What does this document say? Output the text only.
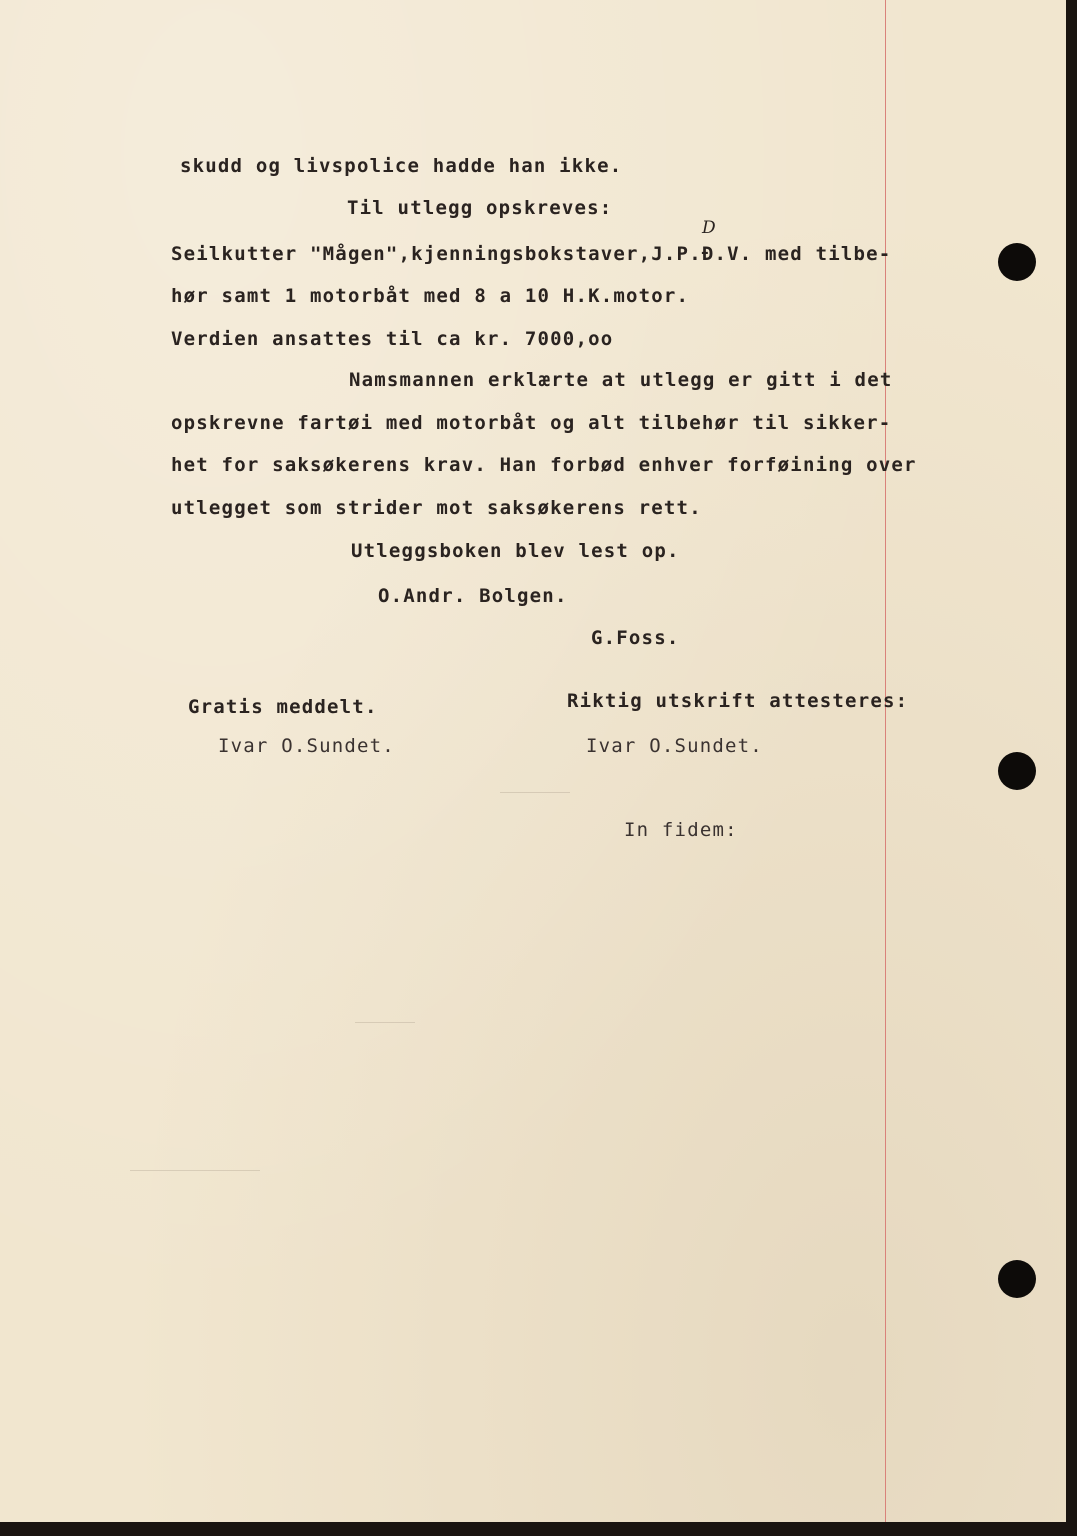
skudd og livspolice hadde han ikke.
Til utlegg opskreves:
D
Seilkutter "Mågen",kjenningsbokstaver,J.P.Đ.V. med tilbe-
hør samt 1 motorbåt med 8 a 10 H.K.motor.
Verdien ansattes til ca kr. 7000,oo
Namsmannen erklærte at utlegg er gitt i det
opskrevne fartøi med motorbåt og alt tilbehør til sikker-
het for saksøkerens krav. Han forbød enhver forføining over
utlegget som strider mot saksøkerens rett.
Utleggsboken blev lest op.
O.Andr. Bolgen.
G.Foss.
Gratis meddelt.
Ivar O.Sundet.
Riktig utskrift attesteres:
Ivar O.Sundet.
In fidem:
